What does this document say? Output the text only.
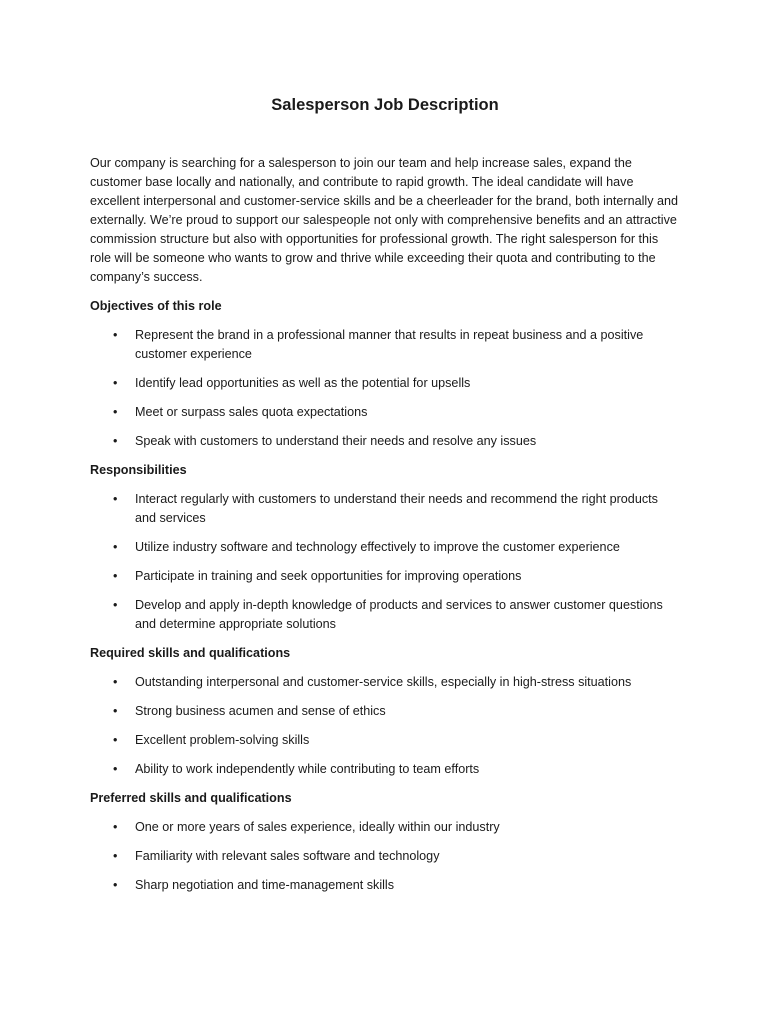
Salesperson Job Description

Our company is searching for a salesperson to join our team and help increase sales, expand the customer base locally and nationally, and contribute to rapid growth. The ideal candidate will have excellent interpersonal and customer-service skills and be a cheerleader for the brand, both internally and externally. We’re proud to support our salespeople not only with comprehensive benefits and an attractive commission structure but also with opportunities for professional growth. The right salesperson for this role will be someone who wants to grow and thrive while exceeding their quota and contributing to the company’s success.

Objectives of this role

• Represent the brand in a professional manner that results in repeat business and a positive customer experience
• Identify lead opportunities as well as the potential for upsells
• Meet or surpass sales quota expectations
• Speak with customers to understand their needs and resolve any issues

Responsibilities

• Interact regularly with customers to understand their needs and recommend the right products and services
• Utilize industry software and technology effectively to improve the customer experience
• Participate in training and seek opportunities for improving operations
• Develop and apply in-depth knowledge of products and services to answer customer questions and determine appropriate solutions

Required skills and qualifications

• Outstanding interpersonal and customer-service skills, especially in high-stress situations
• Strong business acumen and sense of ethics
• Excellent problem-solving skills
• Ability to work independently while contributing to team efforts

Preferred skills and qualifications

• One or more years of sales experience, ideally within our industry
• Familiarity with relevant sales software and technology
• Sharp negotiation and time-management skills
